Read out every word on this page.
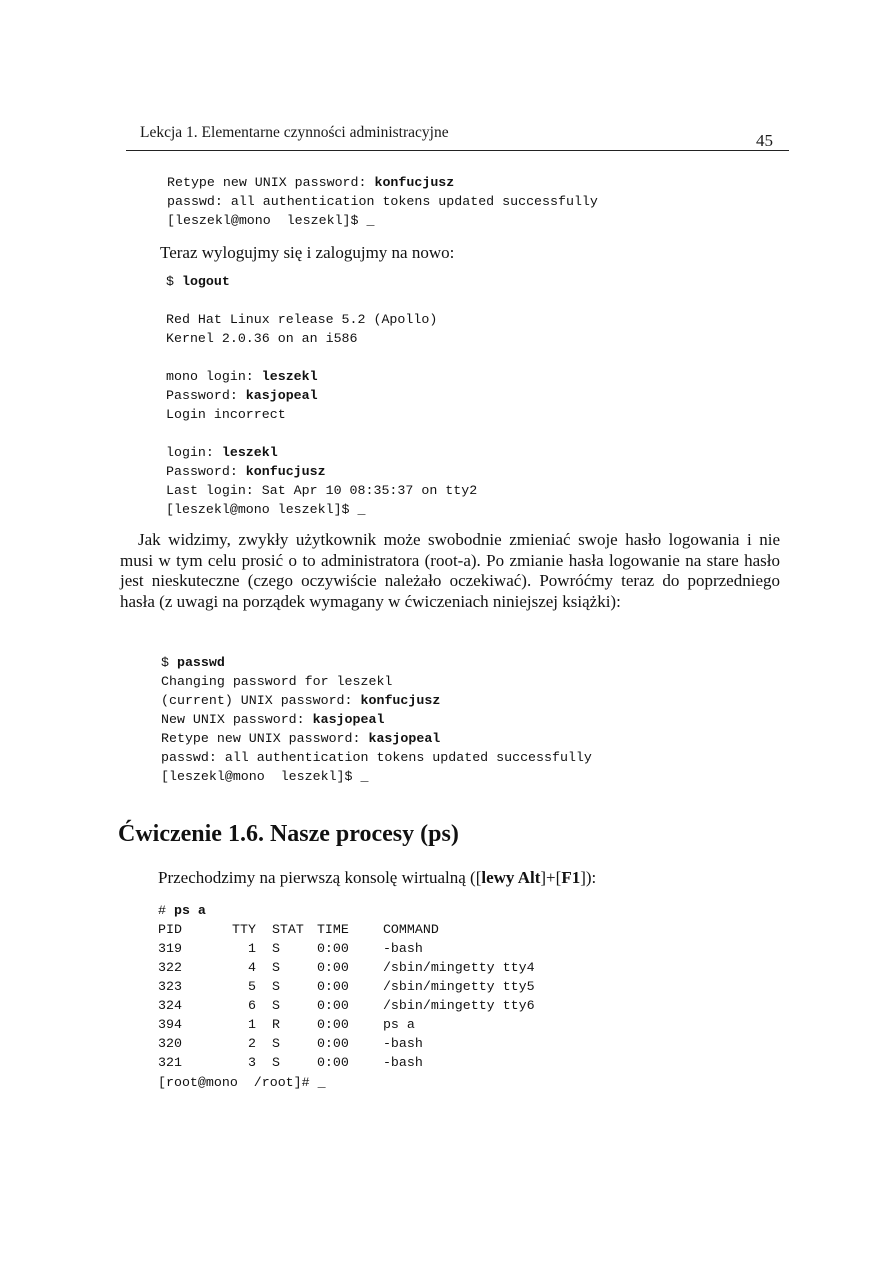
Lekcja 1. Elementarne czynności administracyjne	45
Retype new UNIX password: konfucjusz
passwd: all authentication tokens updated successfully
[leszekl@mono  leszekl]$ _

Teraz wylogujmy się i zalogujmy na nowo:

$ logout
Red Hat Linux release 5.2 (Apollo)
Kernel 2.0.36 on an i586
mono login: leszekl
Password: kasjopeal
Login incorrect
login: leszekl
Password: konfucjusz
Last login: Sat Apr 10 08:35:37 on tty2
[leszekl@mono leszekl]$ _

Jak widzimy, zwykły użytkownik może swobodnie zmieniać swoje hasło logowania i nie musi w tym celu prosić o to administratora (root-a). Po zmianie hasła logowanie na stare hasło jest nieskuteczne (czego oczywiście należało oczekiwać). Powróćmy teraz do poprzedniego hasła (z uwagi na porządek wymagany w ćwiczeniach niniejszej książki):

$ passwd
Changing password for leszekl
(current) UNIX password: konfucjusz
New UNIX password: kasjopeal
Retype new UNIX password: kasjopeal
passwd: all authentication tokens updated successfully
[leszekl@mono  leszekl]$ _
Ćwiczenie 1.6. Nasze procesy (ps)

Przechodzimy na pierwszą konsolę wirtualną ([lewy Alt]+[F1]):

# ps a
PID	TTY	STAT	TIME	COMMAND
319	1	S	0:00	-bash
322	4	S	0:00	/sbin/mingetty tty4
323	5	S	0:00	/sbin/mingetty tty5
324	6	S	0:00	/sbin/mingetty tty6
394	1	R	0:00	ps a
320	2	S	0:00	-bash
321	3	S	0:00	-bash
[root@mono  /root]# _
